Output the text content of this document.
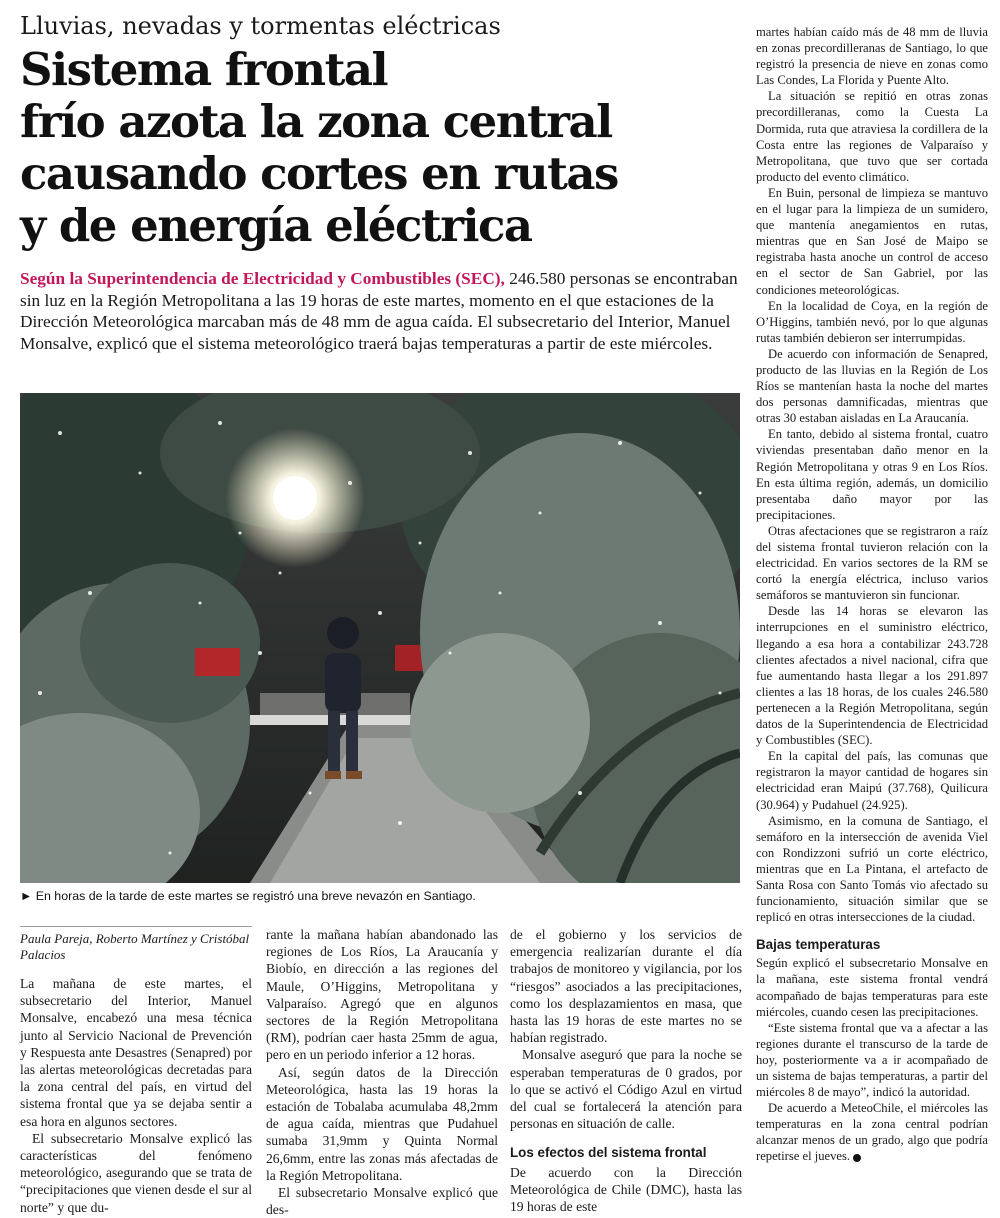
Lluvias, nevadas y tormentas eléctricas
Sistema frontal
frío azota la zona central
causando cortes en rutas
y de energía eléctrica
Según la Superintendencia de Electricidad y Combustibles (SEC), 246.580 personas se encontraban sin luz en la Región Metropolitana a las 19 horas de este martes, momento en el que estaciones de la Dirección Meteorológica marcaban más de 48 mm de agua caída. El subsecretario del Interior, Manuel Monsalve, explicó que el sistema meteorológico traerá bajas temperaturas a partir de este miércoles.
► En horas de la tarde de este martes se registró una breve nevazón en Santiago.
Paula Pareja, Roberto Martínez y Cristóbal Palacios

La mañana de este martes, el subsecretario del Interior, Manuel Monsalve, encabezó una mesa técnica junto al Servicio Nacional de Prevención y Respuesta ante Desastres (Senapred) por las alertas meteorológicas decretadas para la zona central del país, en virtud del sistema frontal que ya se dejaba sentir a esa hora en algunos sectores.

El subsecretario Monsalve explicó las características del fenómeno meteorológico, asegurando que se trata de “precipitaciones que vienen desde el sur al norte” y que du-

rante la mañana habían abandonado las regiones de Los Ríos, La Araucanía y Biobío, en dirección a las regiones del Maule, O’Higgins, Metropolitana y Valparaíso. Agregó que en algunos sectores de la Región Metropolitana (RM), podrían caer hasta 25mm de agua, pero en un periodo inferior a 12 horas.

Así, según datos de la Dirección Meteorológica, hasta las 19 horas la estación de Tobalaba acumulaba 48,2mm de agua caída, mientras que Pudahuel sumaba 31,9mm y Quinta Normal 26,6mm, entre las zonas más afectadas de la Región Metropolitana.

El subsecretario Monsalve explicó que des-

de el gobierno y los servicios de emergencia realizarían durante el día trabajos de monitoreo y vigilancia, por los “riesgos” asociados a las precipitaciones, como los desplazamientos en masa, que hasta las 19 horas de este martes no se habían registrado.

Monsalve aseguró que para la noche se esperaban temperaturas de 0 grados, por lo que se activó el Código Azul en virtud del cual se fortalecerá la atención para personas en situación de calle.

Los efectos del sistema frontal

De acuerdo con la Dirección Meteorológica de Chile (DMC), hasta las 19 horas de este

martes habían caído más de 48 mm de lluvia en zonas precordilleranas de Santiago, lo que registró la presencia de nieve en zonas como Las Condes, La Florida y Puente Alto.

La situación se repitió en otras zonas precordilleranas, como la Cuesta La Dormida, ruta que atraviesa la cordillera de la Costa entre las regiones de Valparaíso y Metropolitana, que tuvo que ser cortada producto del evento climático.

En Buin, personal de limpieza se mantuvo en el lugar para la limpieza de un sumidero, que mantenía anegamientos en rutas, mientras que en San José de Maipo se registraba hasta anoche un control de acceso en el sector de San Gabriel, por las condiciones meteorológicas.

En la localidad de Coya, en la región de O’Higgins, también nevó, por lo que algunas rutas también debieron ser interrumpidas.

De acuerdo con información de Senapred, producto de las lluvias en la Región de Los Ríos se mantenían hasta la noche del martes dos personas damnificadas, mientras que otras 30 estaban aisladas en La Araucanía.

En tanto, debido al sistema frontal, cuatro viviendas presentaban daño menor en la Región Metropolitana y otras 9 en Los Ríos. En esta última región, además, un domicilio presentaba daño mayor por las precipitaciones.

Otras afectaciones que se registraron a raíz del sistema frontal tuvieron relación con la electricidad. En varios sectores de la RM se cortó la energía eléctrica, incluso varios semáforos se mantuvieron sin funcionar.

Desde las 14 horas se elevaron las interrupciones en el suministro eléctrico, llegando a esa hora a contabilizar 243.728 clientes afectados a nivel nacional, cifra que fue aumentando hasta llegar a los 291.897 clientes a las 18 horas, de los cuales 246.580 pertenecen a la Región Metropolitana, según datos de la Superintendencia de Electricidad y Combustibles (SEC).

En la capital del país, las comunas que registraron la mayor cantidad de hogares sin electricidad eran Maipú (37.768), Quilicura (30.964) y Pudahuel (24.925).

Asimismo, en la comuna de Santiago, el semáforo en la intersección de avenida Viel con Rondizzoni sufrió un corte eléctrico, mientras que en La Pintana, el artefacto de Santa Rosa con Santo Tomás vio afectado su funcionamiento, situación similar que se replicó en otras intersecciones de la ciudad.

Bajas temperaturas

Según explicó el subsecretario Monsalve en la mañana, este sistema frontal vendrá acompañado de bajas temperaturas para este miércoles, cuando cesen las precipitaciones.

“Este sistema frontal que va a afectar a las regiones durante el transcurso de la tarde de hoy, posteriormente va a ir acompañado de un sistema de bajas temperaturas, a partir del miércoles 8 de mayo”, indicó la autoridad.

De acuerdo a MeteoChile, el miércoles las temperaturas en la zona central podrían alcanzar menos de un grado, algo que podría repetirse el jueves.
